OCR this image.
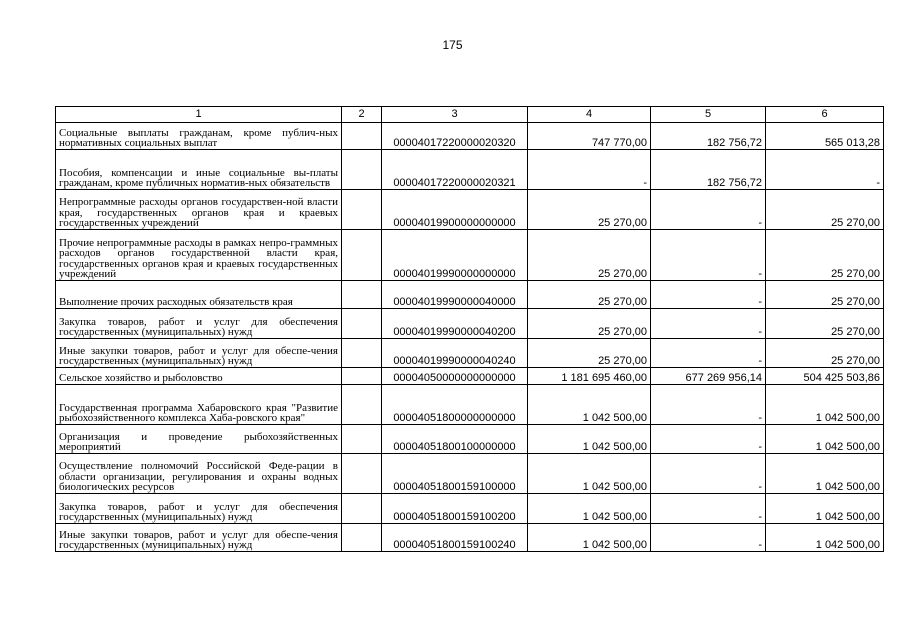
175
1	2	3	4	5	6
Социальные выплаты гражданам, кроме публич-ных нормативных социальных выплат		00004017220000020320	747 770,00	182 756,72	565 013,28
Пособия, компенсации и иные социальные вы-платы гражданам, кроме публичных норматив-ных обязательств		00004017220000020321	-	182 756,72	-
Непрограммные расходы органов государствен-ной власти края, государственных органов края и краевых государственных учреждений		00004019900000000000	25 270,00	-	25 270,00
Прочие непрограммные расходы в рамках непро-граммных расходов органов государственной власти края, государственных органов края и краевых государственных учреждений		00004019990000000000	25 270,00	-	25 270,00
Выполнение прочих расходных обязательств края		00004019990000040000	25 270,00	-	25 270,00
Закупка товаров, работ и услуг для обеспечения государственных (муниципальных) нужд		00004019990000040200	25 270,00	-	25 270,00
Иные закупки товаров, работ и услуг для обеспе-чения государственных (муниципальных) нужд		00004019990000040240	25 270,00	-	25 270,00
Сельское хозяйство и рыболовство		00004050000000000000	1 181 695 460,00	677 269 956,14	504 425 503,86
Государственная программа Хабаровского края "Развитие рыбохозяйственного комплекса Хаба-ровского края"		00004051800000000000	1 042 500,00	-	1 042 500,00
Организация и проведение рыбохозяйственных мероприятий		00004051800100000000	1 042 500,00	-	1 042 500,00
Осуществление полномочий Российской Феде-рации в области организации, регулирования и охраны водных биологических ресурсов		00004051800159100000	1 042 500,00	-	1 042 500,00
Закупка товаров, работ и услуг для обеспечения государственных (муниципальных) нужд		00004051800159100200	1 042 500,00	-	1 042 500,00
Иные закупки товаров, работ и услуг для обеспе-чения государственных (муниципальных) нужд		00004051800159100240	1 042 500,00	-	1 042 500,00
